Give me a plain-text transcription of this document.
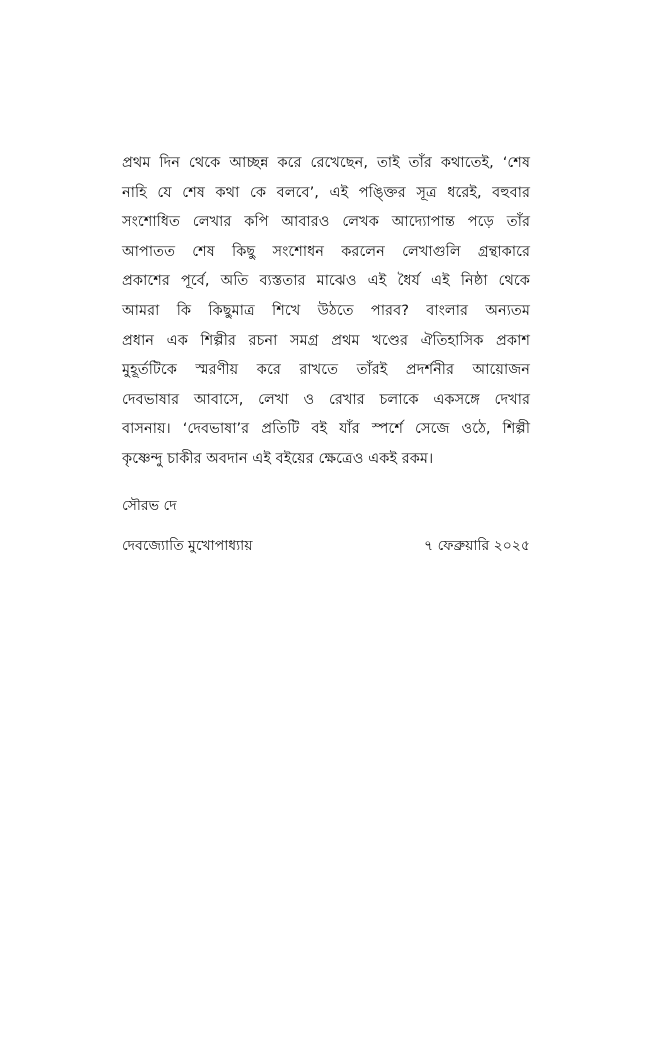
প্রথম দিন থেকে আচ্ছন্ন করে রেখেছেন, তাই তাঁর কথাতেই, ‘শেষ
নাহি যে শেষ কথা কে বলবে’, এই পঙ্ক্তির সূত্র ধরেই, বহুবার
সংশোধিত লেখার কপি আবারও লেখক আদ্যোপান্ত পড়ে তাঁর
আপাতত শেষ কিছু সংশোধন করলেন লেখাগুলি গ্রন্থাকারে
প্রকাশের পূর্বে, অতি ব্যস্ততার মাঝেও এই ধৈর্য এই নিষ্ঠা থেকে
আমরা কি কিছুমাত্র শিখে উঠতে পারব? বাংলার অন্যতম
প্রধান এক শিল্পীর রচনা সমগ্র প্রথম খণ্ডের ঐতিহাসিক প্রকাশ
মুহূর্তটিকে স্মরণীয় করে রাখতে তাঁরই প্রদর্শনীর আয়োজন
দেবভাষার আবাসে, লেখা ও রেখার চলাকে একসঙ্গে দেখার
বাসনায়। ‘দেবভাষা’র প্রতিটি বই যাঁর স্পর্শে সেজে ওঠে, শিল্পী
কৃষ্ণেন্দু চাকীর অবদান এই বইয়ের ক্ষেত্রেও একই রকম।
সৌরভ দে
দেবজ্যোতি মুখোপাধ্যায়	৭ ফেব্রুয়ারি ২০২৫
